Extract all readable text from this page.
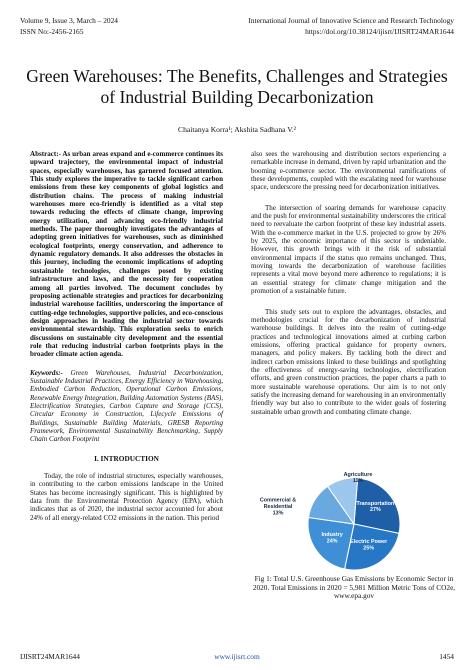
Volume 9, Issue 3, March – 2024	International Journal of Innovative Science and Research Technology
ISSN No:-2456-2165	https://doi.org/10.38124/ijisrt/IJISRT24MAR1644
Green Warehouses: The Benefits, Challenges and Strategies of Industrial Building Decarbonization
Chaitanya Korra¹; Akshita Sadhana V.²

Abstract:- As urban areas expand and e-commerce continues its upward trajectory, the environmental impact of industrial spaces, especially warehouses, has garnered focused attention. This study explores the imperative to tackle significant carbon emissions from these key components of global logistics and distribution chains. The process of making industrial warehouses more eco-friendly is identified as a vital step towards reducing the effects of climate change, improving energy utilization, and advancing eco-friendly industrial methods. The paper thoroughly investigates the advantages of adopting green initiatives for warehouses, such as diminished ecological footprints, energy conservation, and adherence to dynamic regulatory demands. It also addresses the obstacles in this journey, including the economic implications of adopting sustainable technologies, challenges posed by existing infrastructure and laws, and the necessity for cooperation among all parties involved. The document concludes by proposing actionable strategies and practices for decarbonizing industrial warehouse facilities, underscoring the importance of cutting-edge technologies, supportive policies, and eco-conscious design approaches in leading the industrial sector towards environmental stewardship. This exploration seeks to enrich discussions on sustainable city development and the essential role that reducing industrial carbon footprints plays in the broader climate action agenda.

Keywords:- Green Warehouses, Industrial Decarbonization, Sustainable Industrial Practices, Energy Efficiency in Warehousing, Embodied Carbon Reduction, Operational Carbon Emissions, Renewable Energy Integration, Building Automation Systems (BAS), Electrification Strategies, Carbon Capture and Storage (CCS), Circular Economy in Construction, Lifecycle Emissions of Buildings, Sustainable Building Materials, GRESB Reporting Framework, Environmental Sustainability Benchmarking, Supply Chain Carbon Footprint

I. INTRODUCTION

Today, the role of industrial structures, especially warehouses, in contributing to the carbon emissions landscape in the United States has become increasingly significant. This is highlighted by data from the Environmental Protection Agency (EPA), which indicates that as of 2020, the industrial sector accounted for about 24% of all energy-related CO2 emissions in the nation. This period

also sees the warehousing and distribution sectors experiencing a remarkable increase in demand, driven by rapid urbanization and the booming e-commerce sector. The environmental ramifications of these developments, coupled with the escalating need for warehouse space, underscore the pressing need for decarbonization initiatives.

The intersection of soaring demands for warehouse capacity and the push for environmental sustainability underscores the critical need to reevaluate the carbon footprint of these key industrial assets. With the e-commerce market in the U.S. projected to grow by 26% by 2025, the economic importance of this sector is undeniable. However, this growth brings with it the risk of substantial environmental impacts if the status quo remains unchanged. Thus, moving towards the decarbonization of warehouse facilities represents a vital move beyond mere adherence to regulations; it is an essential strategy for climate change mitigation and the promotion of a sustainable future.

This study sets out to explore the advantages, obstacles, and methodologies crucial for the decarbonization of industrial warehouse buildings. It delves into the realm of cutting-edge practices and technological innovations aimed at curbing carbon emissions, offering practical guidance for property owners, managers, and policy makers. By tackling both the direct and indirect carbon emissions linked to these buildings and spotlighting the effectiveness of energy-saving technologies, electrification efforts, and green construction practices, the paper charts a path to more sustainable warehouse operations. Our aim is to not only satisfy the increasing demand for warehousing in an environmentally friendly way but also to contribute to the wider goals of fostering sustainable urban growth and combating climate change.

Transportation 27%
Electric Power 25%
Industry 24%
Commercial & Residential 13%
Agriculture 11%
Fig 1: Total U.S. Greenhouse Gas Emissions by Economic Sector in 2020. Total Emissions in 2020 = 5,981 Million Metric Tons of CO2e, www.epa.gov
IJISRT24MAR1644	www.ijisrt.com	1454
